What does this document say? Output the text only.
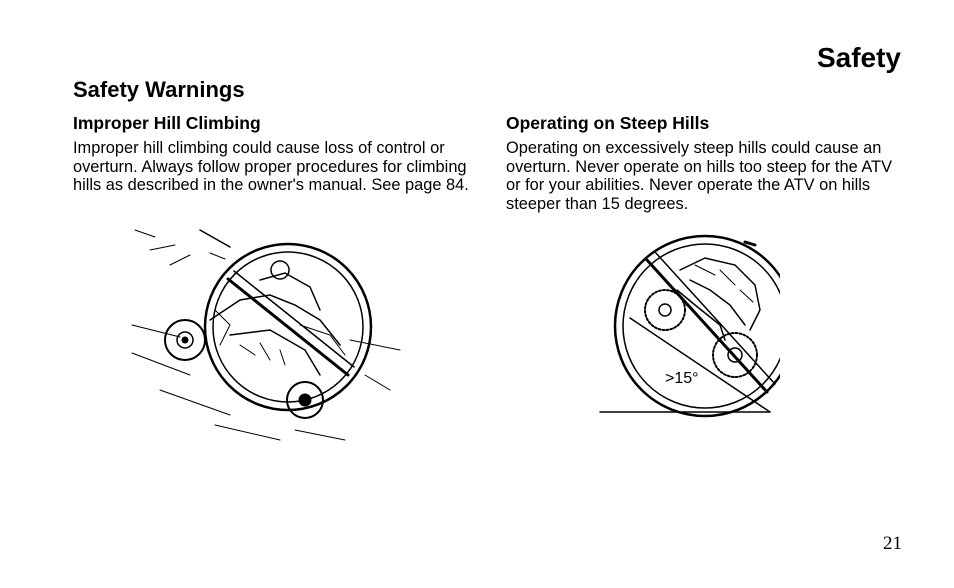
Safety
Safety Warnings
Improper Hill Climbing

Improper hill climbing could cause loss of control or overturn. Always follow proper procedures for climbing hills as described in the owner's manual. See page 84.

Operating on Steep Hills

Operating on excessively steep hills could cause an overturn. Never operate on hills too steep for the ATV or for your abilities. Never operate the ATV on hills steeper than 15 degrees.

>15°

21
